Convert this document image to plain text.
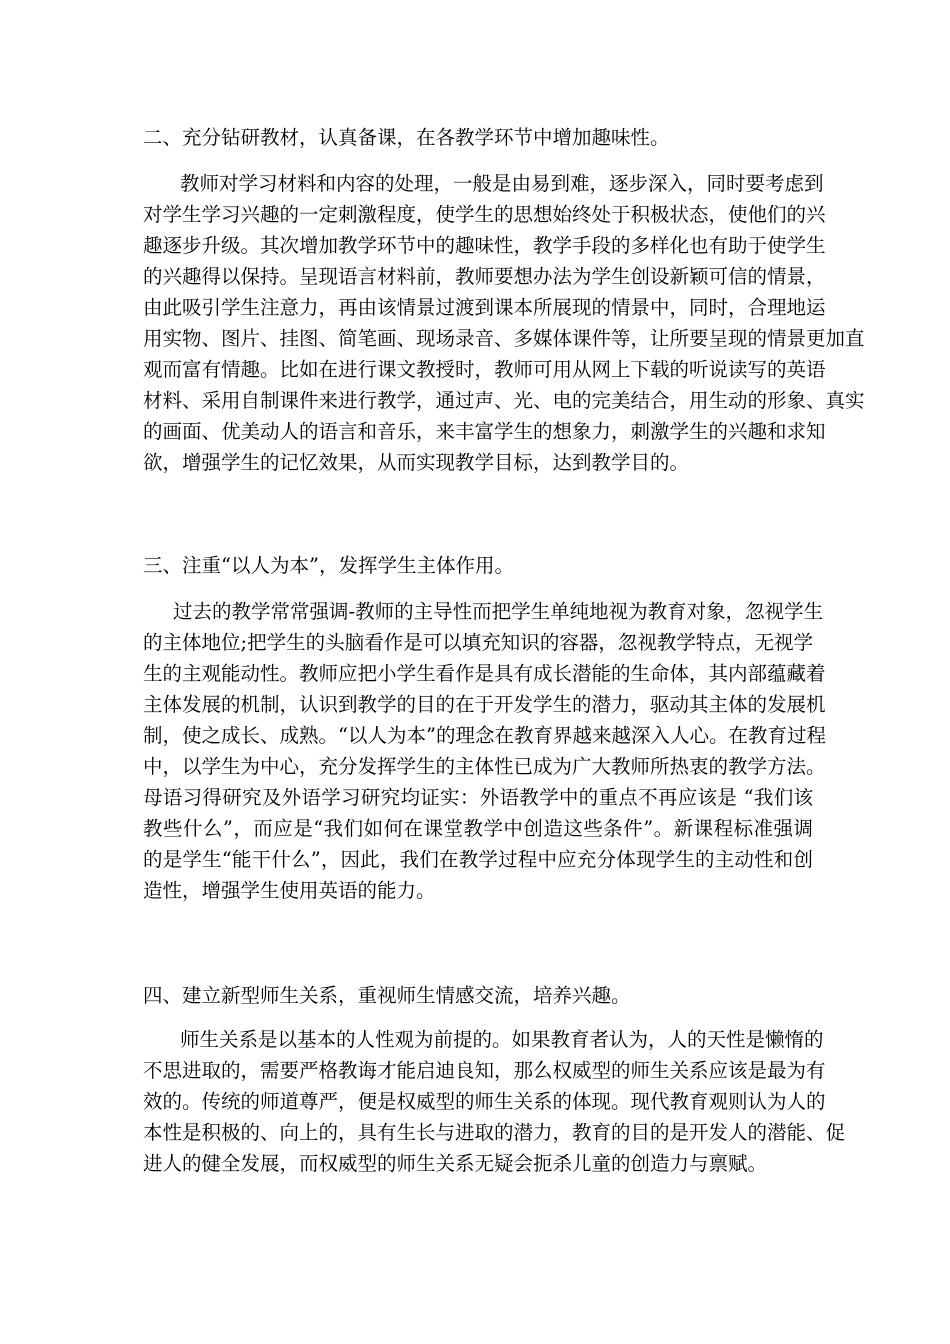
二、充分钻研教材，认真备课，在各教学环节中增加趣味性。
教师对学习材料和内容的处理，一般是由易到难，逐步深入，同时要考虑到
对学生学习兴趣的一定刺激程度，使学生的思想始终处于积极状态，使他们的兴
趣逐步升级。其次增加教学环节中的趣味性，教学手段的多样化也有助于使学生
的兴趣得以保持。呈现语言材料前，教师要想办法为学生创设新颖可信的情景，
由此吸引学生注意力，再由该情景过渡到课本所展现的情景中，同时，合理地运
用实物、图片、挂图、简笔画、现场录音、多媒体课件等，让所要呈现的情景更加直
观而富有情趣。比如在进行课文教授时，教师可用从网上下载的听说读写的英语
材料、采用自制课件来进行教学，通过声、光、电的完美结合，用生动的形象、真实
的画面、优美动人的语言和音乐，来丰富学生的想象力，刺激学生的兴趣和求知
欲，增强学生的记忆效果，从而实现教学目标，达到教学目的。
三、注重“以人为本”，发挥学生主体作用。
过去的教学常常强调-教师的主导性而把学生单纯地视为教育对象，忽视学生
的主体地位;把学生的头脑看作是可以填充知识的容器，忽视教学特点，无视学
生的主观能动性。教师应把小学生看作是具有成长潜能的生命体，其内部蕴藏着
主体发展的机制，认识到教学的目的在于开发学生的潜力，驱动其主体的发展机
制，使之成长、成熟。“以人为本”的理念在教育界越来越深入人心。在教育过程
中，以学生为中心，充分发挥学生的主体性已成为广大教师所热衷的教学方法。
母语习得研究及外语学习研究均证实：外语教学中的重点不再应该是 “我们该
教些什么”，而应是“我们如何在课堂教学中创造这些条件”。新课程标准强调
的是学生“能干什么”，因此，我们在教学过程中应充分体现学生的主动性和创
造性，增强学生使用英语的能力。
四、建立新型师生关系，重视师生情感交流，培养兴趣。
师生关系是以基本的人性观为前提的。如果教育者认为，人的天性是懒惰的
不思进取的，需要严格教诲才能启迪良知，那么权威型的师生关系应该是最为有
效的。传统的师道尊严，便是权威型的师生关系的体现。现代教育观则认为人的
本性是积极的、向上的，具有生长与进取的潜力，教育的目的是开发人的潜能、促
进人的健全发展，而权威型的师生关系无疑会扼杀儿童的创造力与禀赋。
